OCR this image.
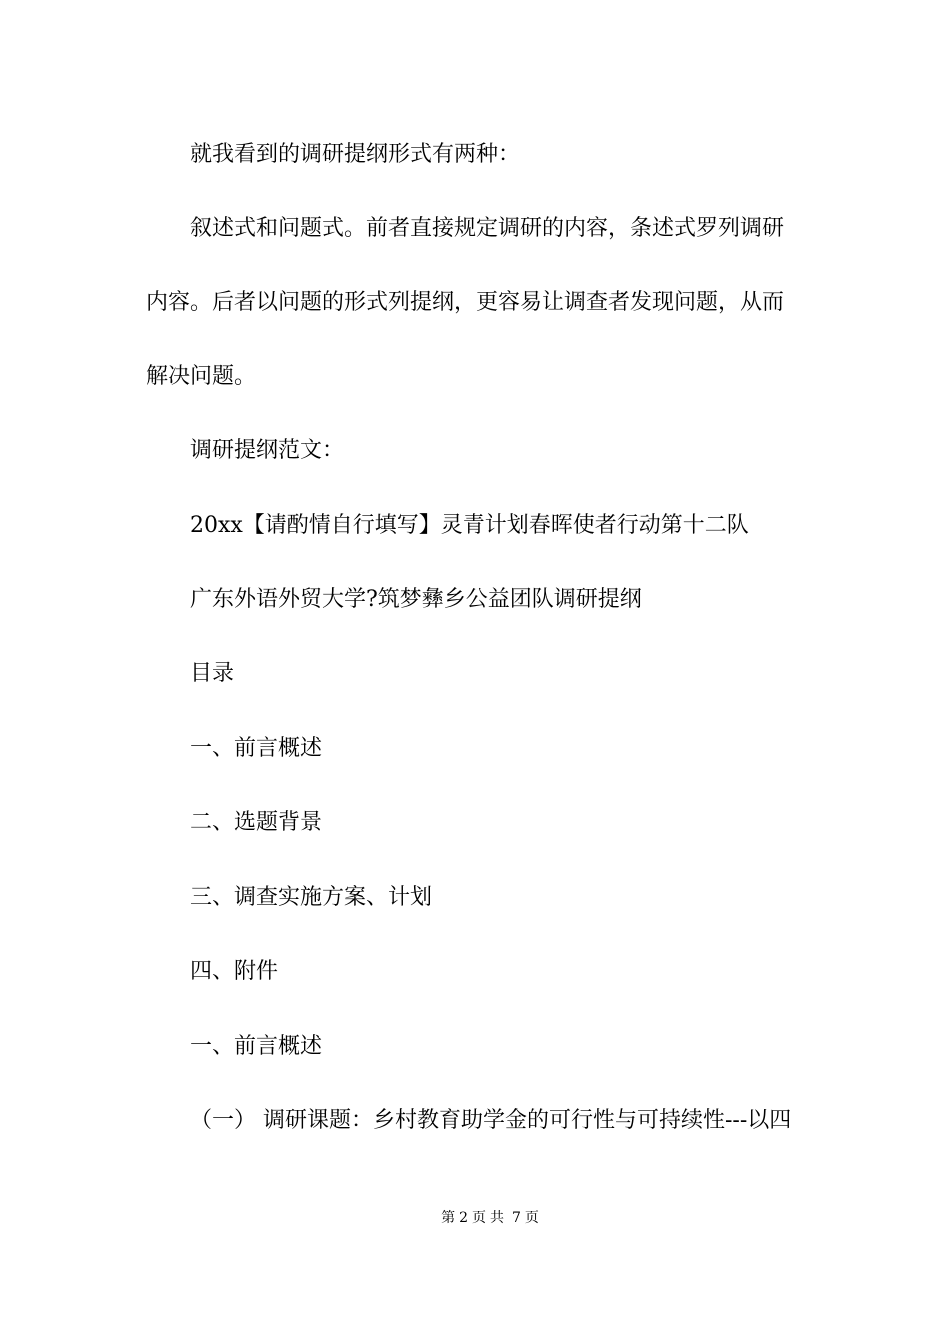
就我看到的调研提纲形式有两种：
叙述式和问题式。前者直接规定调研的内容，条述式罗列调研
内容。后者以问题的形式列提纲，更容易让调查者发现问题，从而
解决问题。
调研提纲范文：
20xx【请酌情自行填写】灵青计划春晖使者行动第十二队
广东外语外贸大学?筑梦彝乡公益团队调研提纲
目录
一、前言概述
二、选题背景
三、调查实施方案、计划
四、附件
一、前言概述
（一） 调研课题：乡村教育助学金的可行性与可持续性---以四
第 2 页 共 7 页
